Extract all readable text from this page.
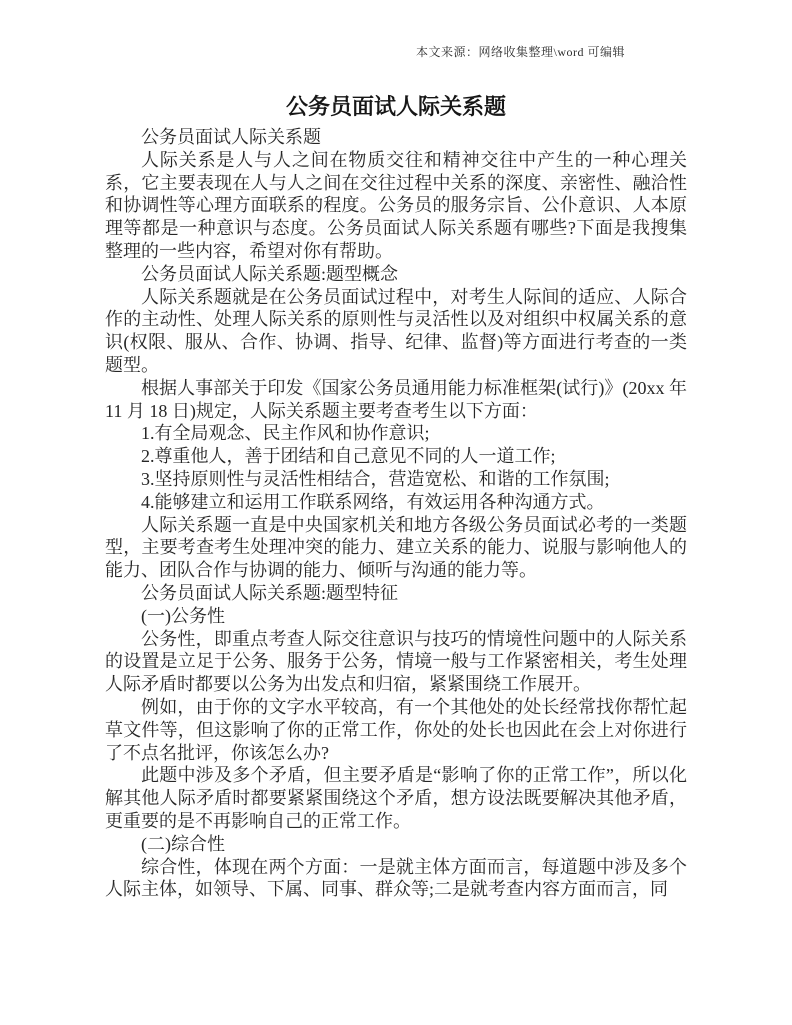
本文来源：网络收集整理\word 可编辑
公务员面试人际关系题

公务员面试人际关系题

人际关系是人与人之间在物质交往和精神交往中产生的一种心理关系，它主要表现在人与人之间在交往过程中关系的深度、亲密性、融洽性和协调性等心理方面联系的程度。公务员的服务宗旨、公仆意识、人本原理等都是一种意识与态度。公务员面试人际关系题有哪些?下面是我搜集整理的一些内容，希望对你有帮助。

公务员面试人际关系题:题型概念

人际关系题就是在公务员面试过程中，对考生人际间的适应、人际合作的主动性、处理人际关系的原则性与灵活性以及对组织中权属关系的意识(权限、服从、合作、协调、指导、纪律、监督)等方面进行考查的一类题型。

根据人事部关于印发《国家公务员通用能力标准框架(试行)》(20xx 年 11 月 18 日)规定，人际关系题主要考查考生以下方面：

1.有全局观念、民主作风和协作意识;

2.尊重他人，善于团结和自己意见不同的人一道工作;

3.坚持原则性与灵活性相结合，营造宽松、和谐的工作氛围;

4.能够建立和运用工作联系网络，有效运用各种沟通方式。

人际关系题一直是中央国家机关和地方各级公务员面试必考的一类题型，主要考查考生处理冲突的能力、建立关系的能力、说服与影响他人的能力、团队合作与协调的能力、倾听与沟通的能力等。

公务员面试人际关系题:题型特征

(一)公务性

公务性，即重点考查人际交往意识与技巧的情境性问题中的人际关系的设置是立足于公务、服务于公务，情境一般与工作紧密相关，考生处理人际矛盾时都要以公务为出发点和归宿，紧紧围绕工作展开。

例如，由于你的文字水平较高，有一个其他处的处长经常找你帮忙起草文件等，但这影响了你的正常工作，你处的处长也因此在会上对你进行了不点名批评，你该怎么办?

此题中涉及多个矛盾，但主要矛盾是“影响了你的正常工作”，所以化解其他人际矛盾时都要紧紧围绕这个矛盾，想方设法既要解决其他矛盾，更重要的是不再影响自己的正常工作。

(二)综合性

综合性，体现在两个方面：一是就主体方面而言，每道题中涉及多个人际主体，如领导、下属、同事、群众等;二是就考查内容方面而言，同
